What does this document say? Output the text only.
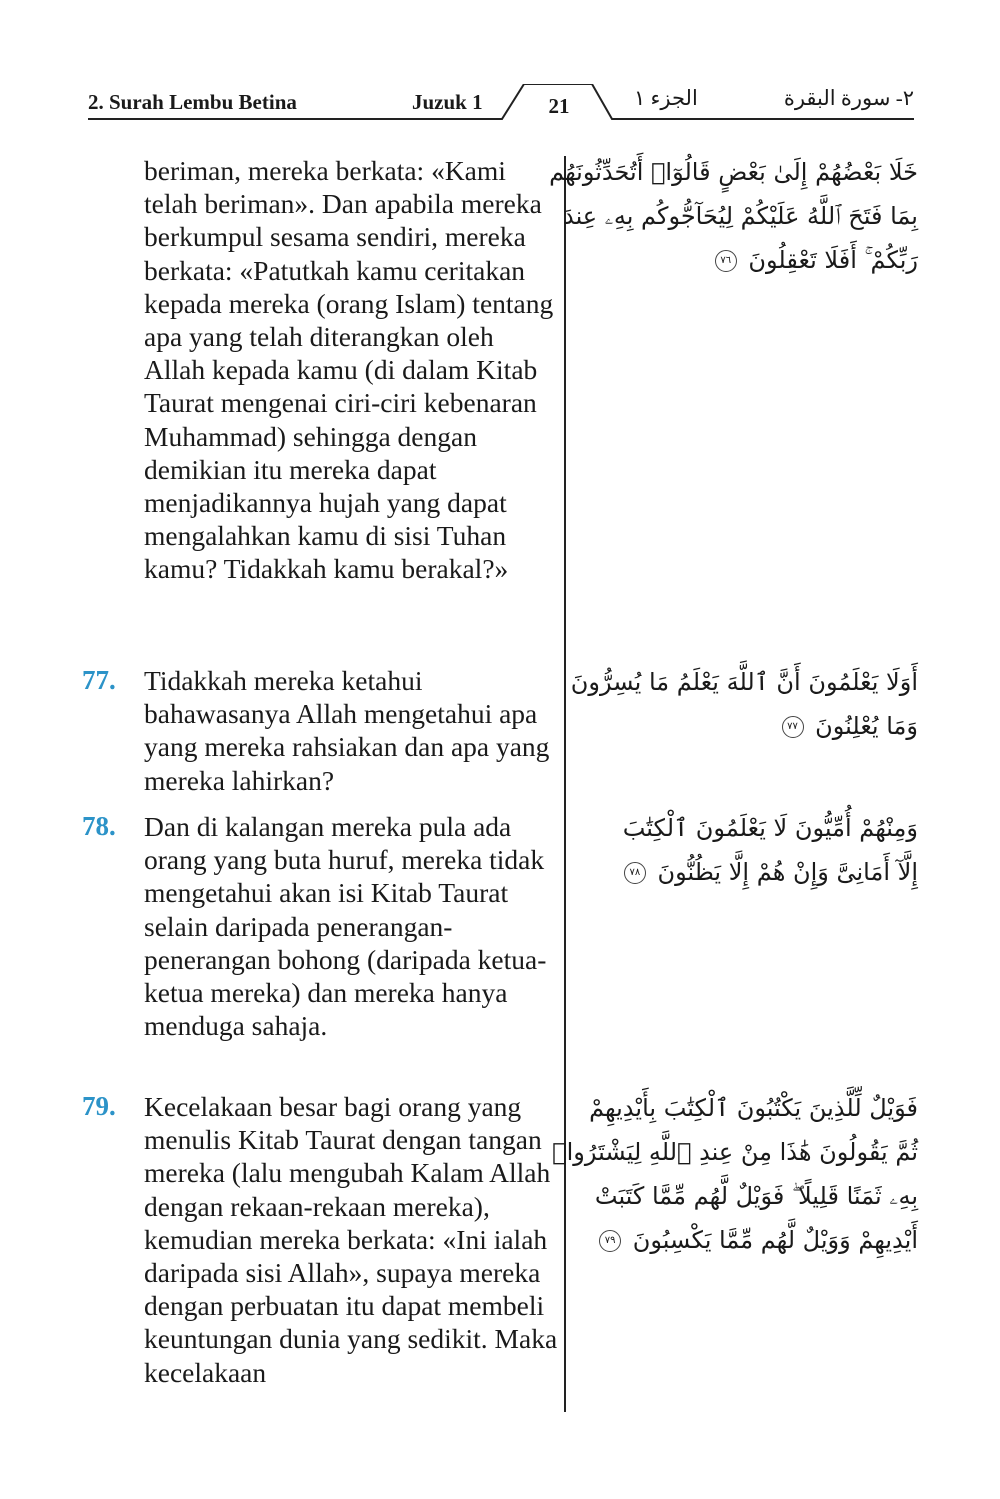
2. Surah Lembu Betina	Juzuk 1	21	الجزء ١	٢- سورة البقرة

beriman, mereka berkata: «Kami telah beriman». Dan apabila mereka berkumpul sesama sendiri, mereka berkata: «Patutkah kamu ceritakan kepada mereka (orang Islam) tentang apa yang telah diterangkan oleh Allah kepada kamu (di dalam Kitab Taurat mengenai ciri-ciri kebenaran Muhammad) sehingga dengan demikian itu mereka dapat menjadikannya hujah yang dapat mengalahkan kamu di sisi Tuhan kamu? Tidakkah kamu berakal?»

خَلَا بَعْضُهُمْ إِلَىٰ بَعْضٍ قَالُوٓا۟ أَتُحَدِّثُونَهُم
بِمَا فَتَحَ ٱللَّهُ عَلَيْكُمْ لِيُحَآجُّوكُم بِهِۦ عِندَ
رَبِّكُمْ ۚ أَفَلَا تَعْقِلُونَ ٧٦
77. Tidakkah mereka ketahui bahawasanya Allah mengetahui apa yang mereka rahsiakan dan apa yang mereka lahirkan?

أَوَلَا يَعْلَمُونَ أَنَّ ٱللَّهَ يَعْلَمُ مَا يُسِرُّونَ
وَمَا يُعْلِنُونَ ٧٧
78. Dan di kalangan mereka pula ada orang yang buta huruf, mereka tidak mengetahui akan isi Kitab Taurat selain daripada penerangan-penerangan bohong (daripada ketua-ketua mereka) dan mereka hanya menduga sahaja.

وَمِنْهُمْ أُمِّيُّونَ لَا يَعْلَمُونَ ٱلْكِتَٰبَ
إِلَّآ أَمَانِىَّ وَإِنْ هُمْ إِلَّا يَظُنُّونَ ٧٨
79. Kecelakaan besar bagi orang yang menulis Kitab Taurat dengan tangan mereka (lalu mengubah Kalam Allah dengan rekaan-rekaan mereka), kemudian mereka berkata: «Ini ialah daripada sisi Allah», supaya mereka dengan perbuatan itu dapat membeli keuntungan dunia yang sedikit. Maka kecelakaan

فَوَيْلٌ لِّلَّذِينَ يَكْتُبُونَ ٱلْكِتَٰبَ بِأَيْدِيهِمْ
ثُمَّ يَقُولُونَ هَٰذَا مِنْ عِندِ ٱللَّهِ لِيَشْتَرُوا۟
بِهِۦ ثَمَنًا قَلِيلًا ۖ فَوَيْلٌ لَّهُم مِّمَّا كَتَبَتْ
أَيْدِيهِمْ وَوَيْلٌ لَّهُم مِّمَّا يَكْسِبُونَ ٧٩
